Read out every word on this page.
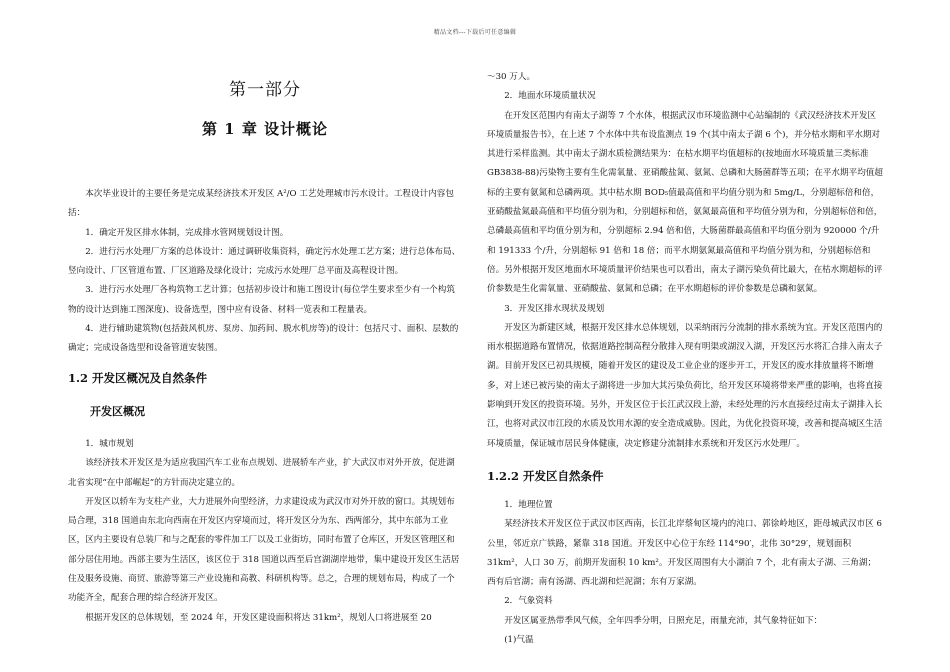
精品文档---下载后可任意编辑

第一部分

第 1 章 设计概论

本次毕业设计的主要任务是完成某经济技术开发区 A²/O 工艺处理城市污水设计。工程设计内容包括：

1．确定开发区排水体制，完成排水管网规划设计图。

2．进行污水处理厂方案的总体设计：通过调研收集资料，确定污水处理工艺方案；进行总体布局、竖向设计、厂区管道布置、厂区道路及绿化设计；完成污水处理厂总平面及高程设计图。

3．进行污水处理厂各构筑物工艺计算；包括初步设计和施工图设计(每位学生要求至少有一个构筑物的设计达到施工图深度)、设备选型，图中应有设备、材料一览表和工程量表。

4．进行辅助建筑物(包括鼓风机房、泵房、加药间、脱水机房等)的设计：包括尺寸、面积、层数的确定；完成设备选型和设备管道安装图。

1.2 开发区概况及自然条件

开发区概况

1．城市规划

该经济技术开发区是为适应我国汽车工业布点规划、进展轿车产业，扩大武汉市对外开放，促进湖北省实现“在中部崛起”的方针而决定建立的。

开发区以轿车为支柱产业，大力进展外向型经济，力求建设成为武汉市对外开放的窗口。其规划布局合理，318 国道由东北向西南在开发区内穿境而过，将开发区分为东、西两部分，其中东部为工业区，区内主要设有总装厂和与之配套的零件加工厂以及工业街坊，同时布置了仓库区，开发区管理区和部分居住用地。西部主要为生活区，该区位于 318 国道以西至后宫湖湖岸地带，集中建设开发区生活居住及服务设施、商贸、旅游等第三产业设施和高教、科研机构等。总之，合理的规划布局，构成了一个功能齐全，配套合理的综合经济开发区。

根据开发区的总体规划，至 2024 年，开发区建设面积将达 31km²，规划人口将进展至 20

～30 万人。

2．地面水环境质量状况

在开发区范围内有南太子湖等 7 个水体，根据武汉市环境监测中心站编制的《武汉经济技术开发区环境质量报告书》，在上述 7 个水体中共布设监测点 19 个(其中南太子湖 6 个)，并分枯水期和平水期对其进行采样监测。其中南太子湖水质检测结果为：在枯水期平均值超标的(按地面水环境质量三类标准 GB3838-88)污染物主要有生化需氧量、亚硝酸盐氮、氨氮、总磷和大肠菌群等五项；在平水期平均值超标的主要有氨氮和总磷两项。其中枯水期 BOD₅值最高值和平均值分别为和 5mg/L，分别超标倍和倍，亚硝酸盐氮最高值和平均值分别为和，分别超标和倍，氨氮最高值和平均值分别为和，分别超标倍和倍，总磷最高值和平均值分别为和，分别超标 2.94 倍和倍，大肠菌群最高值和平均值分别为 920000 个/升和 191333 个/升，分别超标 91 倍和 18 倍；而平水期氨氮最高值和平均值分别为和，分别超标倍和倍。另外根据开发区地面水环境质量评价结果也可以看出，南太子湖污染负荷比最大，在枯水期超标的评价参数是生化需氧量、亚硝酸盐、氨氮和总磷；在平水期超标的评价参数是总磷和氨氮。

3．开发区排水现状及规划

开发区为新建区域，根据开发区排水总体规划，以采纳雨污分流制的排水系统为宜。开发区范围内的雨水根据道路布置情况，依据道路控制高程分散排入现有明渠或湖汊入湖，开发区污水将汇合排入南太子湖。目前开发区已初具规模，随着开发区的建设及工业企业的逐步开工，开发区的废水排放量将不断增多，对上述已被污染的南太子湖将进一步加大其污染负荷比，给开发区环境将带来严重的影响，也将直接影响到开发区的投资环境。另外，开发区位于长江武汉段上游，未经处理的污水直接经过南太子湖排入长江，也将对武汉市江段的水质及饮用水源的安全造成威胁。因此，为优化投资环境，改善和提高城区生活环境质量，保证城市居民身体健康，决定修建分流制排水系统和开发区污水处理厂。

1.2.2 开发区自然条件

1．地理位置

某经济技术开发区位于武汉市区西南，长江北岸蔡甸区境内的沌口、郭徐岭地区，距母城武汉市区 6 公里，邻近京广铁路，紧靠 318 国道。开发区中心位于东经 114°90′，北伟 30°29′，规划面积 31km²，人口 30 万，前期开发面积 10 km²。开发区周围有大小湖泊 7 个，北有南太子湖、三角湖；西有后官湖；南有汤湖、西北湖和烂泥湖；东有万家湖。

2．气象资料

开发区属亚热带季风气候，全年四季分明，日照充足，雨量充沛，其气象特征如下：

(1)气温
